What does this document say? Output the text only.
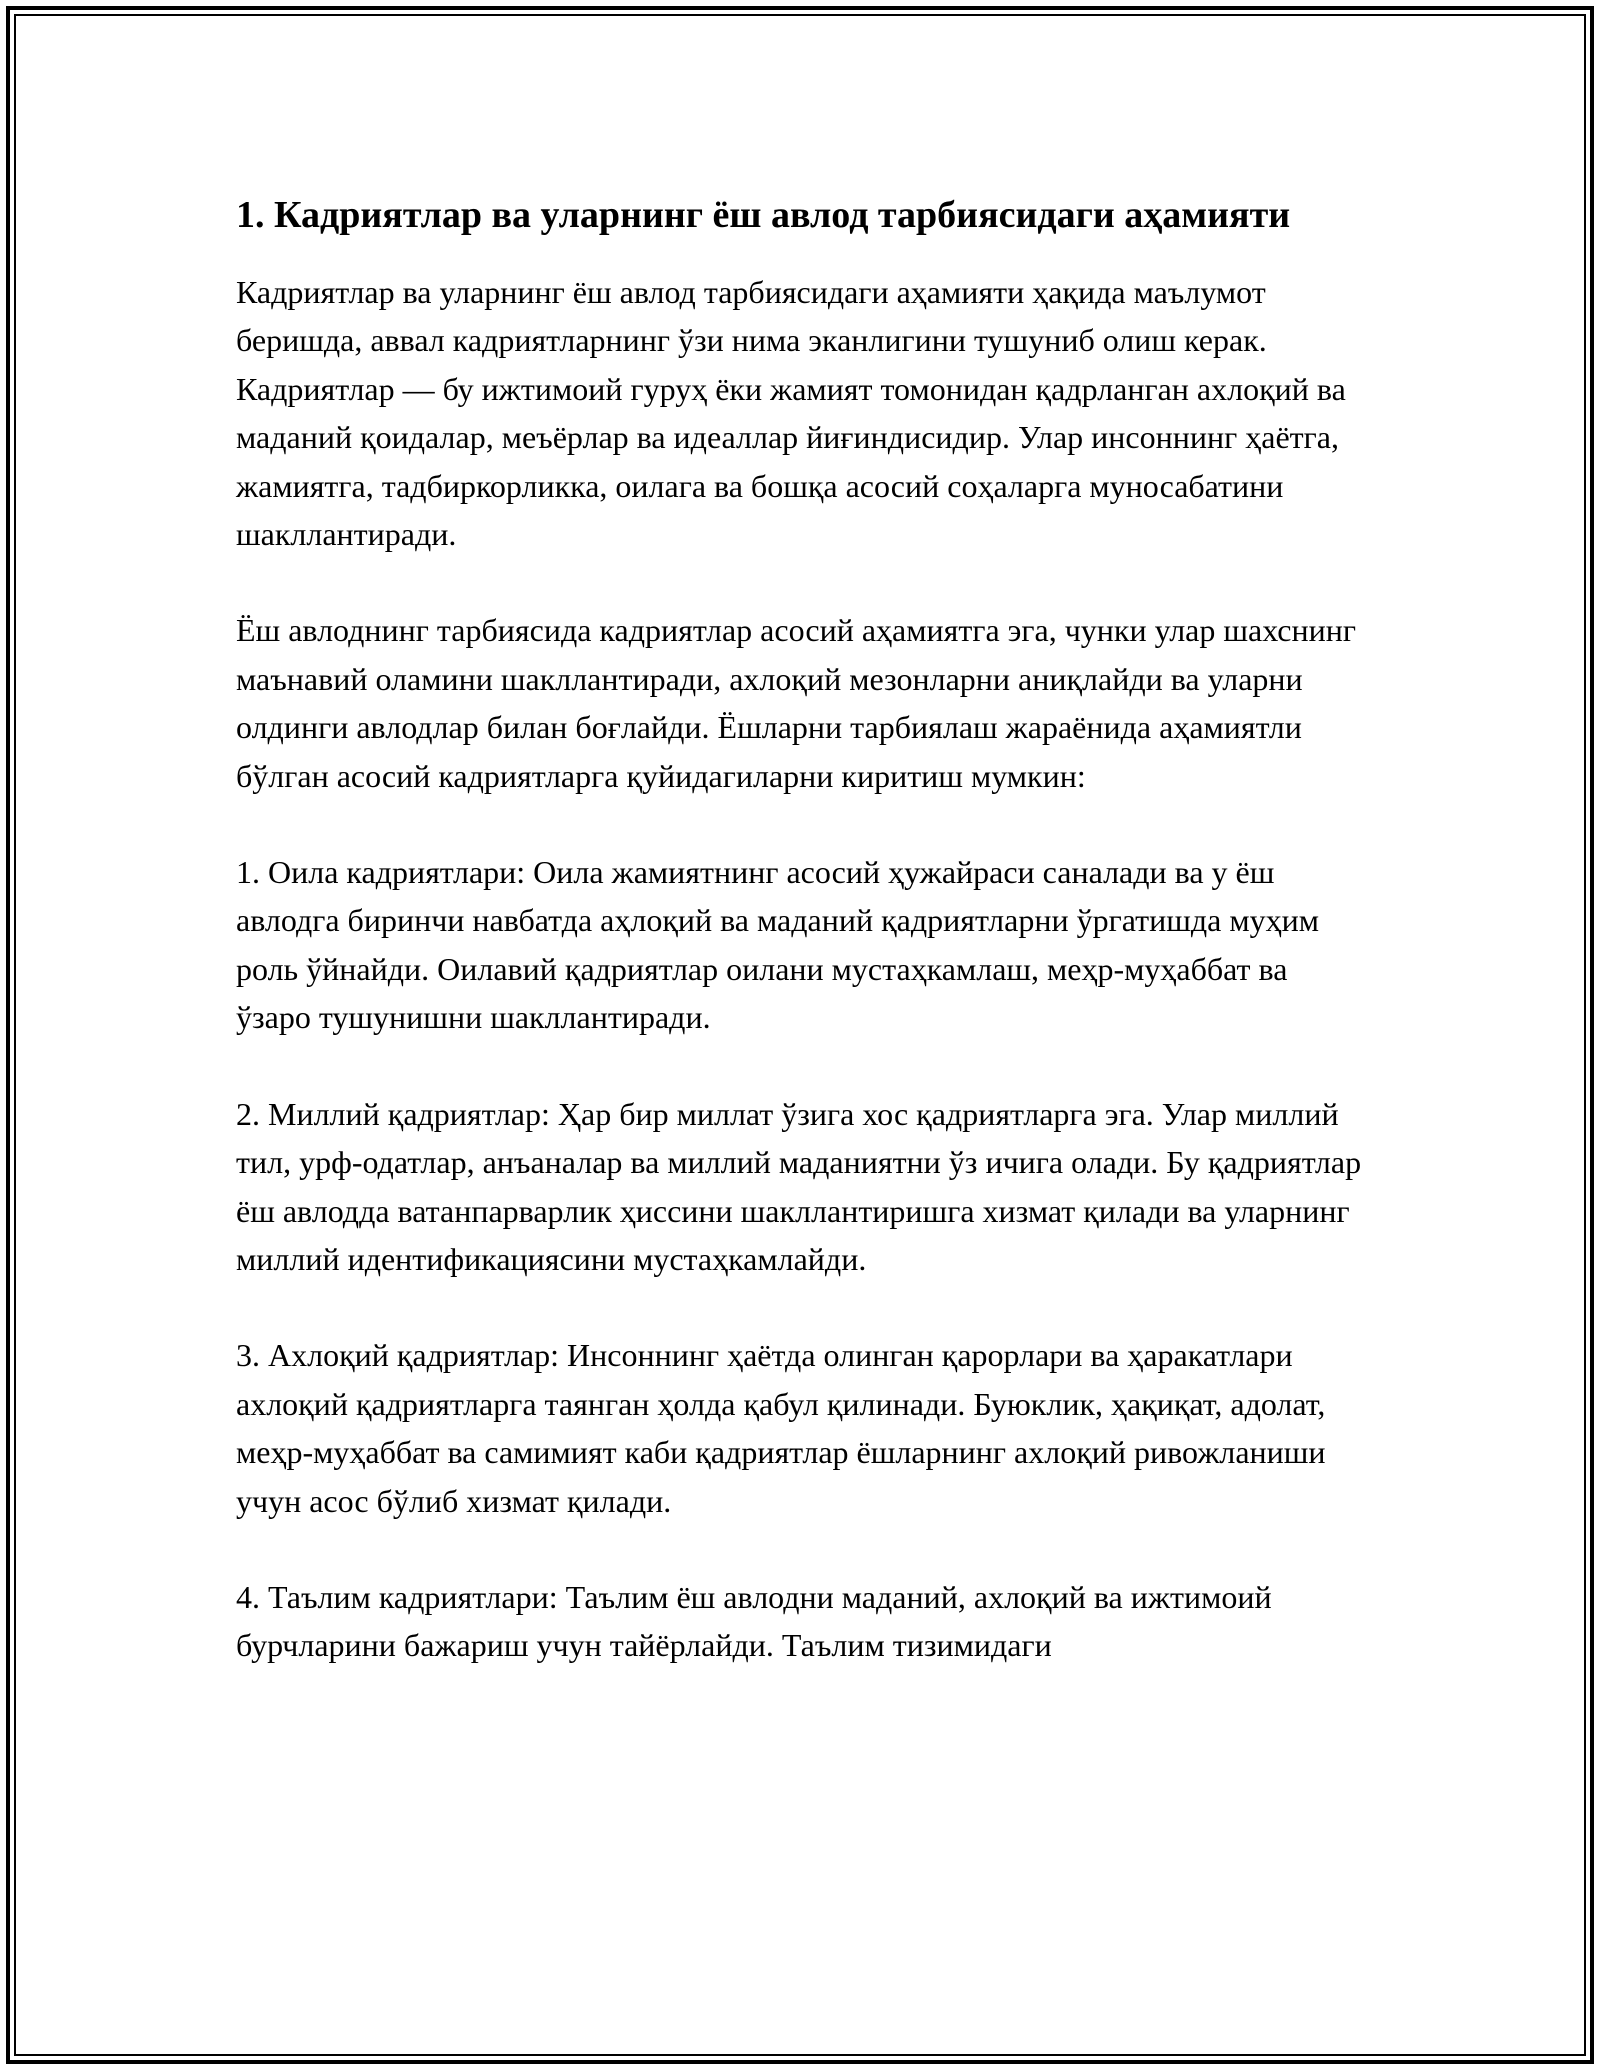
1. Кадриятлар ва уларнинг ёш авлод тарбиясидаги аҳамияти

Кадриятлар ва уларнинг ёш авлод тарбиясидаги аҳамияти ҳақида маълумот беришда, аввал кадриятларнинг ўзи нима эканлигини тушуниб олиш керак. Кадриятлар — бу ижтимоий гуруҳ ёки жамият томонидан қадрланган ахлоқий ва маданий қоидалар, меъёрлар ва идеаллар йиғиндисидир. Улар инсоннинг ҳаётга, жамиятга, тадбиркорликка, оилага ва бошқа асосий соҳаларга муносабатини шакллантиради.

Ёш авлоднинг тарбиясида кадриятлар асосий аҳамиятга эга, чунки улар шахснинг маънавий оламини шакллантиради, ахлоқий мезонларни аниқлайди ва уларни олдинги авлодлар билан боғлайди. Ёшларни тарбиялаш жараёнида аҳамиятли бўлган асосий кадриятларга қуйидагиларни киритиш мумкин:

1. Оила кадриятлари: Оила жамиятнинг асосий ҳужайраси саналади ва у ёш авлодга биринчи навбатда аҳлоқий ва маданий қадриятларни ўргатишда муҳим роль ўйнайди. Оилавий қадриятлар оилани мустаҳкамлаш, меҳр-муҳаббат ва ўзаро тушунишни шакллантиради.

2. Миллий қадриятлар: Ҳар бир миллат ўзига хос қадриятларга эга. Улар миллий тил, урф-одатлар, анъаналар ва миллий маданиятни ўз ичига олади. Бу қадриятлар ёш авлодда ватанпарварлик ҳиссини шакллантиришга хизмат қилади ва уларнинг миллий идентификациясини мустаҳкамлайди.

3. Ахлоқий қадриятлар: Инсоннинг ҳаётда олинган қарорлари ва ҳаракатлари ахлоқий қадриятларга таянган ҳолда қабул қилинади. Буюклик, ҳақиқат, адолат, меҳр-муҳаббат ва самимият каби қадриятлар ёшларнинг ахлоқий ривожланиши учун асос бўлиб хизмат қилади.

4. Таълим кадриятлари: Таълим ёш авлодни маданий, ахлоқий ва ижтимоий бурчларини бажариш учун тайёрлайди. Таълим тизимидаги
